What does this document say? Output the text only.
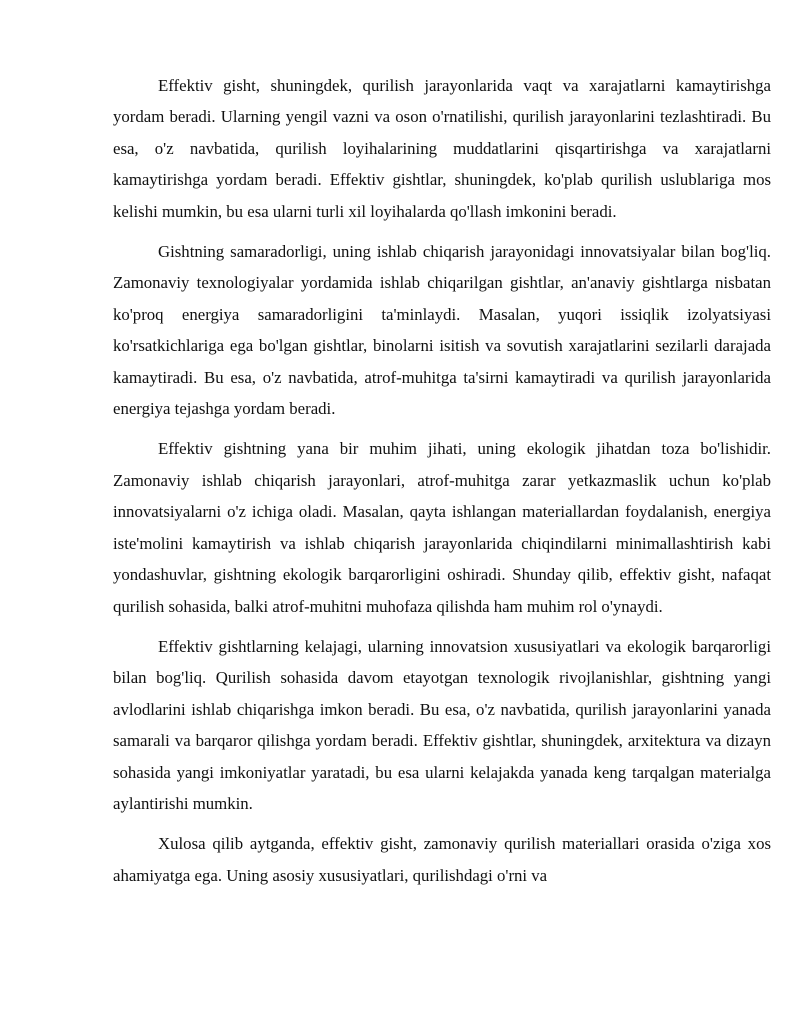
Effektiv gisht, shuningdek, qurilish jarayonlarida vaqt va xarajatlarni kamaytirishga yordam beradi. Ularning yengil vazni va oson o'rnatilishi, qurilish jarayonlarini tezlashtiradi. Bu esa, o'z navbatida, qurilish loyihalarining muddatlarini qisqartirishga va xarajatlarni kamaytirishga yordam beradi. Effektiv gishtlar, shuningdek, ko'plab qurilish uslublariga mos kelishi mumkin, bu esa ularni turli xil loyihalarda qo'llash imkonini beradi.

Gishtning samaradorligi, uning ishlab chiqarish jarayonidagi innovatsiyalar bilan bog'liq. Zamonaviy texnologiyalar yordamida ishlab chiqarilgan gishtlar, an'anaviy gishtlarga nisbatan ko'proq energiya samaradorligini ta'minlaydi. Masalan, yuqori issiqlik izolyatsiyasi ko'rsatkichlariga ega bo'lgan gishtlar, binolarni isitish va sovutish xarajatlarini sezilarli darajada kamaytiradi. Bu esa, o'z navbatida, atrof-muhitga ta'sirni kamaytiradi va qurilish jarayonlarida energiya tejashga yordam beradi.

Effektiv gishtning yana bir muhim jihati, uning ekologik jihatdan toza bo'lishidir. Zamonaviy ishlab chiqarish jarayonlari, atrof-muhitga zarar yetkazmaslik uchun ko'plab innovatsiyalarni o'z ichiga oladi. Masalan, qayta ishlangan materiallardan foydalanish, energiya iste'molini kamaytirish va ishlab chiqarish jarayonlarida chiqindilarni minimallashtirish kabi yondashuvlar, gishtning ekologik barqarorligini oshiradi. Shunday qilib, effektiv gisht, nafaqat qurilish sohasida, balki atrof-muhitni muhofaza qilishda ham muhim rol o'ynaydi.

Effektiv gishtlarning kelajagi, ularning innovatsion xususiyatlari va ekologik barqarorligi bilan bog'liq. Qurilish sohasida davom etayotgan texnologik rivojlanishlar, gishtning yangi avlodlarini ishlab chiqarishga imkon beradi. Bu esa, o'z navbatida, qurilish jarayonlarini yanada samarali va barqaror qilishga yordam beradi. Effektiv gishtlar, shuningdek, arxitektura va dizayn sohasida yangi imkoniyatlar yaratadi, bu esa ularni kelajakda yanada keng tarqalgan materialga aylantirishi mumkin.

Xulosa qilib aytganda, effektiv gisht, zamonaviy qurilish materiallari orasida o'ziga xos ahamiyatga ega. Uning asosiy xususiyatlari, qurilishdagi o'rni va
